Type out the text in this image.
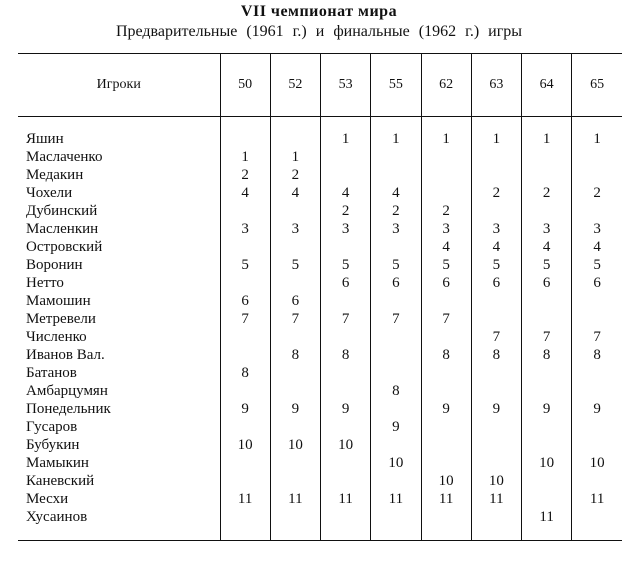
VII чемпионат мира
Предварительные (1961 г.) и финальные (1962 г.) игры
Игроки	50	52	53	55	62	63	64	65

Яшин			1	1	1	1	1	1
Маслаченко	1	1						
Медакин	2	2						
Чохели	4	4	4	4		2	2	2
Дубинский			2	2	2			
Масленкин	3	3	3	3	3	3	3	3
Островский					4	4	4	4
Воронин	5	5	5	5	5	5	5	5
Нетто			6	6	6	6	6	6
Мамошин	6	6						
Метревели	7	7	7	7	7			
Численко						7	7	7
Иванов Вал.		8	8		8	8	8	8
Батанов	8							
Амбарцумян				8				
Понедельник	9	9	9		9	9	9	9
Гусаров				9				
Бубукин	10	10	10					
Мамыкин				10			10	10
Каневский					10	10		
Месхи	11	11	11	11	11	11		11
Хусаинов							11	
